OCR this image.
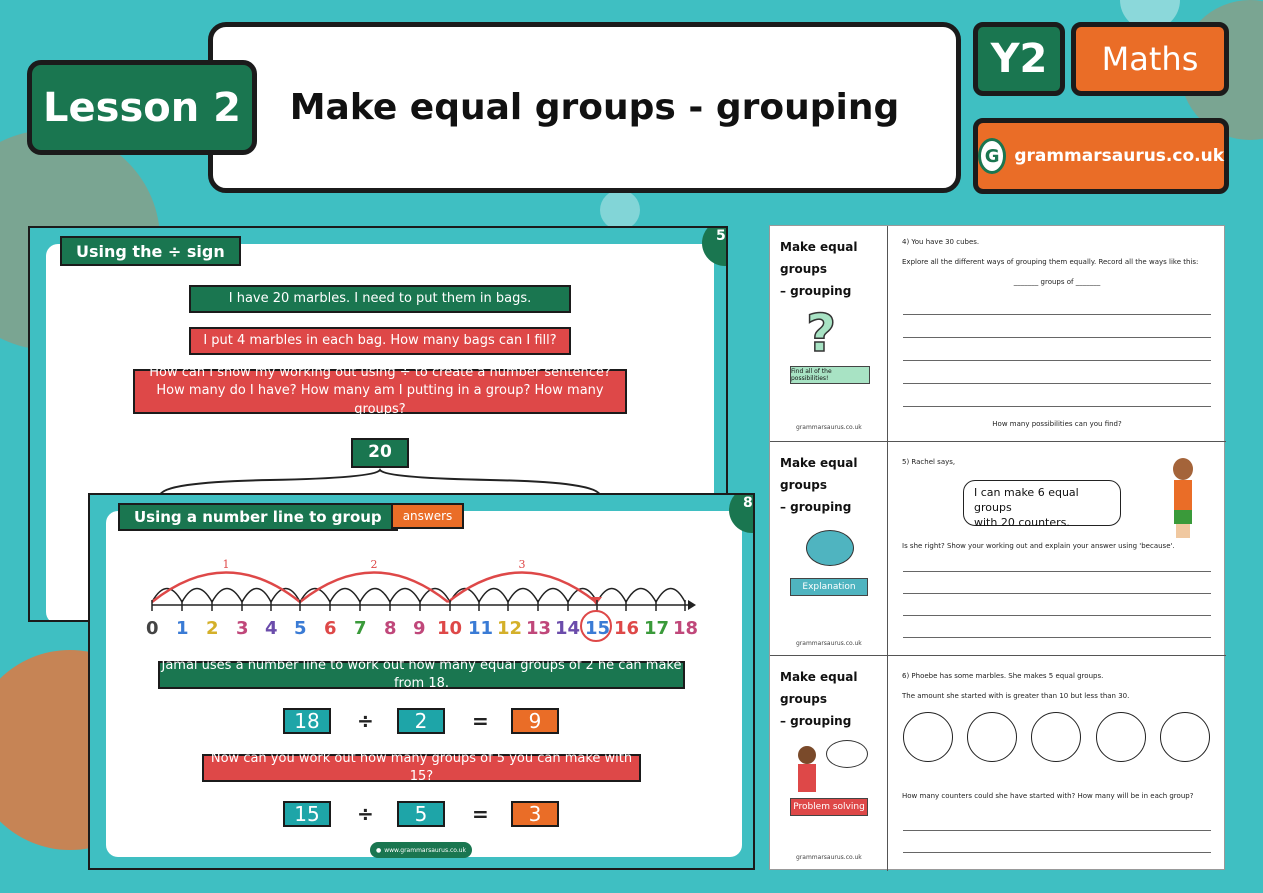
Make equal groups - grouping
Lesson 2
Y2	Maths
G grammarsaurus.co.uk
5
Using the ÷ sign
I have 20 marbles. I need to put them in bags.
I put 4 marbles in each bag. How many bags can I fill?
How can I show my working out using ÷ to create a number sentence?
How many do I have? How many am I putting in a group? How many groups?
20
8
Using a number line to group	answers
1	2	3
0 1 2 3 4 5 6 7 8 9 10 11 12 13 14 15 16 17 18
Jamal uses a number line to work out how many equal groups of 2 he can make from 18.
18	÷	2	=	9
Now can you work out how many groups of 5 you can make with 15?
15	÷	5	=	3
● www.grammarsaurus.co.uk
Make equal groups
– grouping
?
Find all of the possibilities!
grammarsaurus.co.uk
4) You have 30 cubes.
Explore all the different ways of grouping them equally. Record all the ways like this:
_______ groups of _______
How many possibilities can you find?
Make equal groups
– grouping
Explanation
grammarsaurus.co.uk
5) Rachel says,
Is she right? Show your working out and explain your answer using 'because'.
I can make 6 equal groups
with 20 counters.
Make equal groups
– grouping
Problem solving
grammarsaurus.co.uk
6) Phoebe has some marbles. She makes 5 equal groups.
The amount she started with is greater than 10 but less than 30.
How many counters could she have started with? How many will be in each group?
